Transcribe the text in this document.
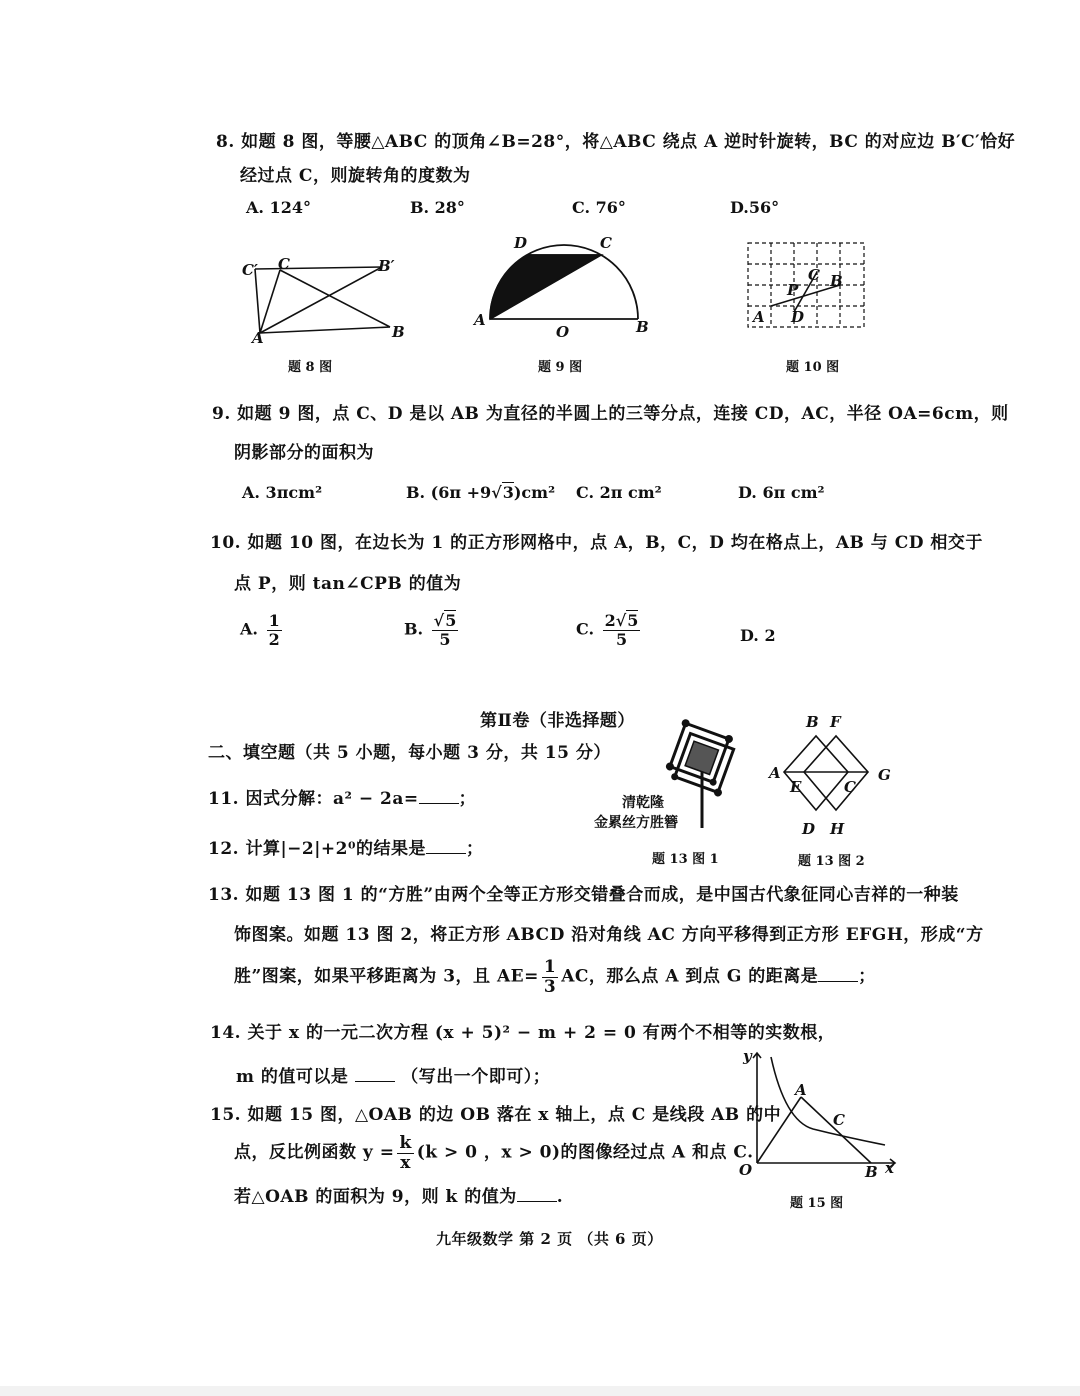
8. 如题 8 图，等腰△ABC 的顶角∠B=28°，将△ABC 绕点 A 逆时针旋转，BC 的对应边 B′C′恰好
经过点 C，则旋转角的度数为
A. 124°	B. 28°	C. 76°	D.56°
C′ C	B′
A	B
题 8 图
D	C
A
O	B
题 9 图
C B
P
A D
题 10 图
9. 如题 9 图，点 C、D 是以 AB 为直径的半圆上的三等分点，连接 CD，AC，半径 OA=6cm，则
阴影部分的面积为
A. 3πcm²	B. (6π +9√3)cm² C. 2π cm²	D. 6π cm²
10. 如题 10 图，在边长为 1 的正方形网格中，点 A，B，C，D 均在格点上，AB 与 CD 相交于
点 P，则 tan∠CPB 的值为
A. $\frac{1}{2}$	B. $\frac{√5}{5}$	C. $\frac{2√5}{5}$	D. 2
第Ⅱ卷（非选择题）
二、填空题（共 5 小题，每小题 3 分，共 15 分）
清乾隆
金累丝方胜簪
题 13 图 1
B F
A
E	C
G
D H
题 13 图 2
11. 因式分解：a² − 2a= ；
12. 计算|−2|+2⁰的结果是 ；
13. 如题 13 图 1 的“方胜”由两个全等正方形交错叠合而成，是中国古代象征同心吉祥的一种装
饰图案。如题 13 图 2，将正方形 ABCD 沿对角线 AC 方向平移得到正方形 EFGH，形成“方
胜”图案，如果平移距离为 3，且 $AE= \frac{1}{3}$ AC，那么点 A 到点 G 的距离是 ；
14. 关于 x 的一元二次方程 (x + 5)² − m + 2 = 0 有两个不相等的实数根，
m 的值可以是	（写出一个即可）；
15. 如题 15 图，△OAB 的边 OB 落在 x 轴上，点 C 是线段 AB 的中
点，反比例函数 $y = \frac{k}{x} (k > 0$ ，x > 0)的图像经过点 A 和点 C.
若△OAB 的面积为 9，则 k 的值为 .
y
A
C
O	B x
题 15 图
九年级数学 第 2 页 （共 6 页）
